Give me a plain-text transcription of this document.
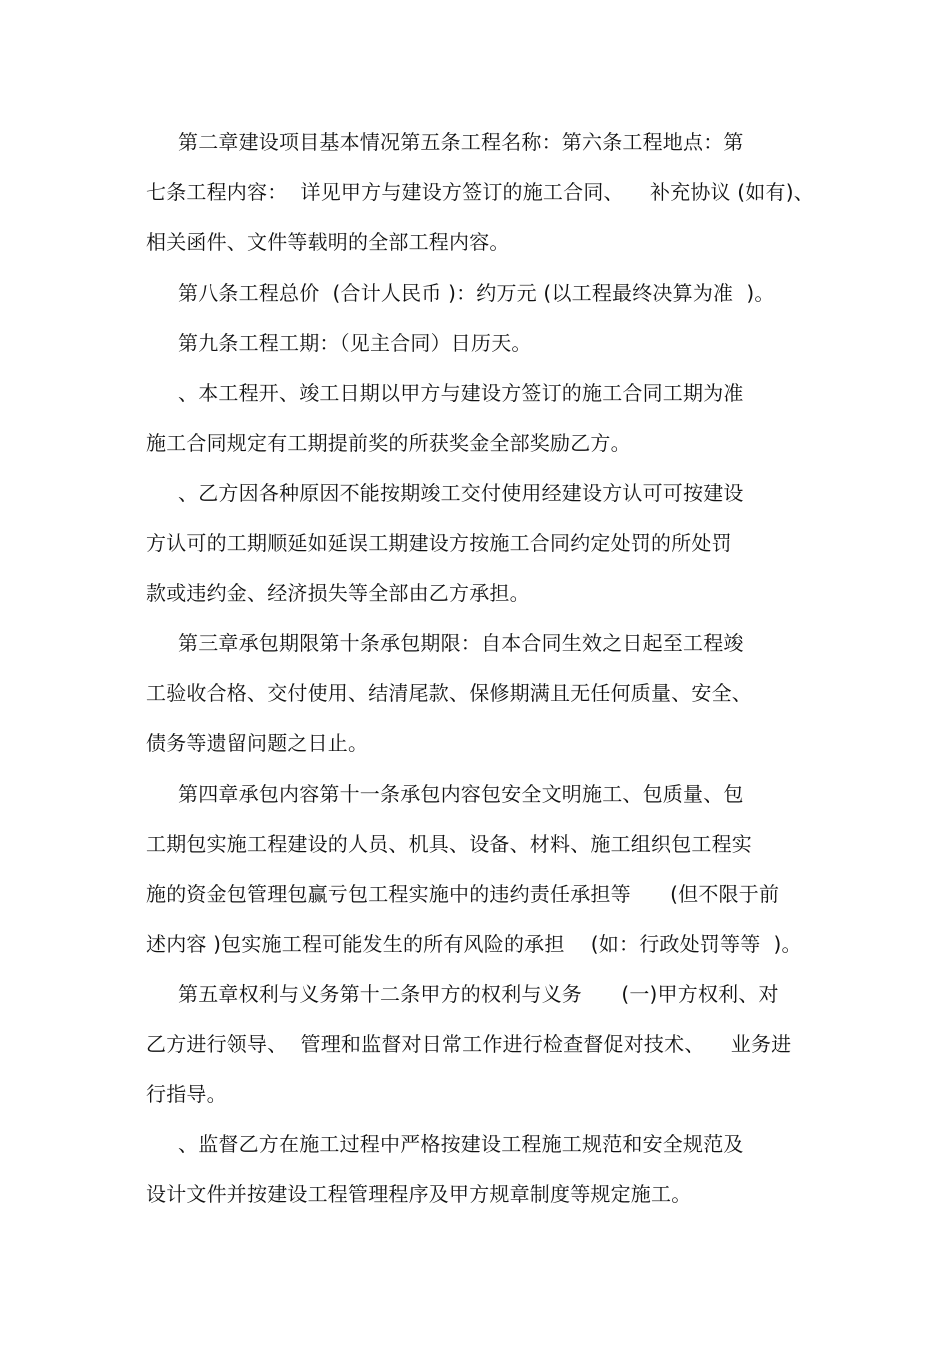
第二章建设项目基本情况第五条工程名称：第六条工程地点：第
七条工程内容：  详见甲方与建设方签订的施工合同、    补充协议 (如有)、
相关函件、文件等载明的全部工程内容。
第八条工程总价  (合计人民币 )：约万元 (以工程最终决算为准  )。
第九条工程工期：（见主合同）日历天。
、本工程开、竣工日期以甲方与建设方签订的施工合同工期为准
施工合同规定有工期提前奖的所获奖金全部奖励乙方。
、乙方因各种原因不能按期竣工交付使用经建设方认可可按建设
方认可的工期顺延如延误工期建设方按施工合同约定处罚的所处罚
款或违约金、经济损失等全部由乙方承担。
第三章承包期限第十条承包期限：自本合同生效之日起至工程竣
工验收合格、交付使用、结清尾款、保修期满且无任何质量、安全、
债务等遗留问题之日止。
第四章承包内容第十一条承包内容包安全文明施工、包质量、包
工期包实施工程建设的人员、机具、设备、材料、施工组织包工程实
施的资金包管理包赢亏包工程实施中的违约责任承担等      (但不限于前
述内容 )包实施工程可能发生的所有风险的承担    (如：行政处罚等等  )。
第五章权利与义务第十二条甲方的权利与义务      (一)甲方权利、对
乙方进行领导、  管理和监督对日常工作进行检查督促对技术、    业务进
行指导。
、监督乙方在施工过程中严格按建设工程施工规范和安全规范及
设计文件并按建设工程管理程序及甲方规章制度等规定施工。
